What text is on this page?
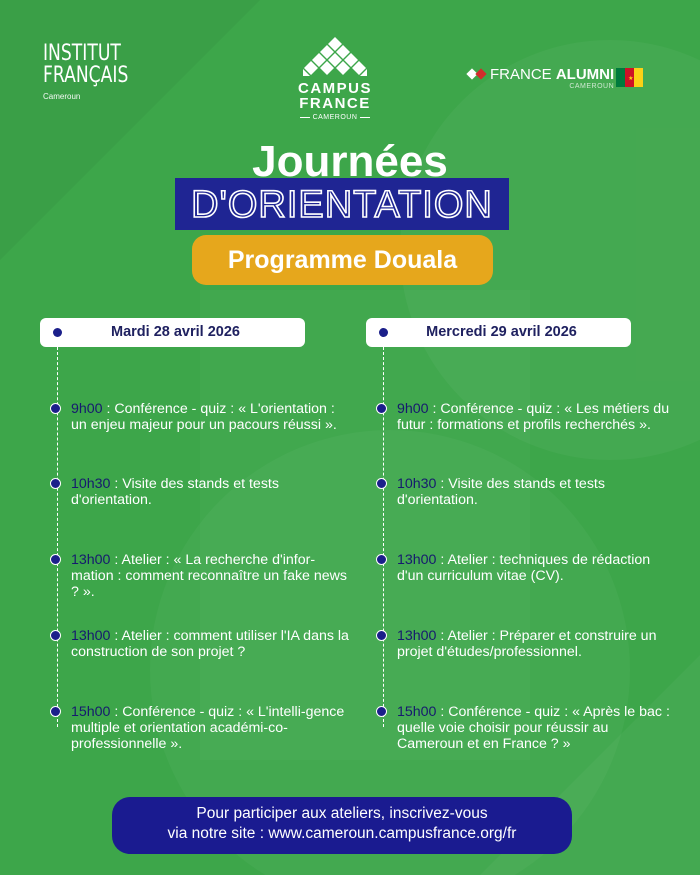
INSTITUT
FRANÇAIS
Cameroun	CAMPUS
FRANCE
CAMEROUN
FRANCE ALUMNI
CAMEROUN
★
D'ORIENTATION
Journées
Programme Douala
Mardi 28 avril 2026
9h00 : Conférence - quiz : « L'orientation : un enjeu majeur pour un pacours réussi ».
10h30 : Visite des stands et tests d'orientation.
13h00 : Atelier : « La recherche d'infor-mation : comment reconnaître un fake news ? ».
13h00 : Atelier : comment utiliser l'IA dans la construction de son projet ?
15h00 : Conférence - quiz : « L'intelli-gence multiple et orientation académi-co-professionnelle ».
Mercredi 29 avril 2026
9h00 : Conférence - quiz : « Les métiers du futur : formations et profils recherchés ».
10h30 : Visite des stands et tests d'orientation.
13h00 : Atelier : techniques de rédaction d'un curriculum vitae (CV).
13h00 : Atelier : Préparer et construire un projet d'études/professionnel.
15h00 : Conférence - quiz : « Après le bac : quelle voie choisir pour réussir au Cameroun et en France ? »
Pour participer aux ateliers, inscrivez-vous
via notre site : www.cameroun.campusfrance.org/fr
